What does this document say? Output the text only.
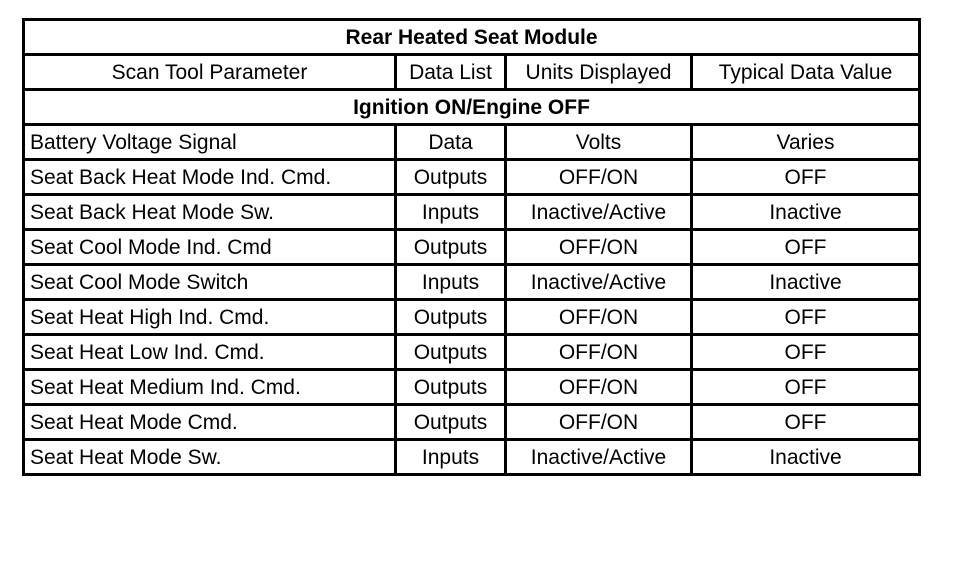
Rear Heated Seat Module			
Scan Tool Parameter	Data List	Units Displayed	Typical Data Value
Ignition ON/Engine OFF			
Battery Voltage Signal	Data	Volts	Varies
Seat Back Heat Mode Ind. Cmd.	Outputs	OFF/ON	OFF
Seat Back Heat Mode Sw.	Inputs	Inactive/Active	Inactive
Seat Cool Mode Ind. Cmd	Outputs	OFF/ON	OFF
Seat Cool Mode Switch	Inputs	Inactive/Active	Inactive
Seat Heat High Ind. Cmd.	Outputs	OFF/ON	OFF
Seat Heat Low Ind. Cmd.	Outputs	OFF/ON	OFF
Seat Heat Medium Ind. Cmd.	Outputs	OFF/ON	OFF
Seat Heat Mode Cmd.	Outputs	OFF/ON	OFF
Seat Heat Mode Sw.	Inputs	Inactive/Active	Inactive
